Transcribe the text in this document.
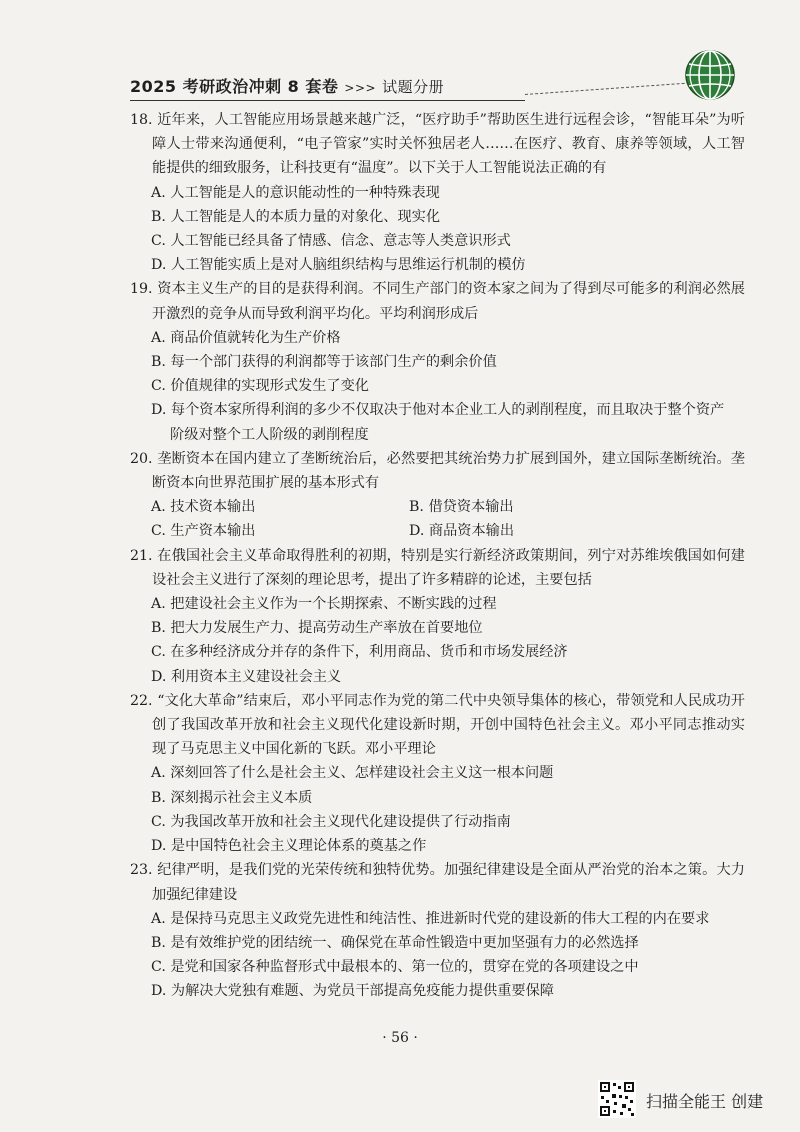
2025 考研政治冲刺 8 套卷 >>> 试题分册

18. 近年来，人工智能应用场景越来越广泛，“医疗助手”帮助医生进行远程会诊，“智能耳朵”为听障人士带来沟通便利，“电子管家”实时关怀独居老人……在医疗、教育、康养等领域，人工智能提供的细致服务，让科技更有“温度”。以下关于人工智能说法正确的有

A. 人工智能是人的意识能动性的一种特殊表现

B. 人工智能是人的本质力量的对象化、现实化

C. 人工智能已经具备了情感、信念、意志等人类意识形式

D. 人工智能实质上是对人脑组织结构与思维运行机制的模仿

19. 资本主义生产的目的是获得利润。不同生产部门的资本家之间为了得到尽可能多的利润必然展开激烈的竞争从而导致利润平均化。平均利润形成后

A. 商品价值就转化为生产价格

B. 每一个部门获得的利润都等于该部门生产的剩余价值

C. 价值规律的实现形式发生了变化

D. 每个资本家所得利润的多少不仅取决于他对本企业工人的剥削程度，而且取决于整个资产

阶级对整个工人阶级的剥削程度

20. 垄断资本在国内建立了垄断统治后，必然要把其统治势力扩展到国外，建立国际垄断统治。垄断资本向世界范围扩展的基本形式有

A. 技术资本输出	B. 借贷资本输出

C. 生产资本输出	D. 商品资本输出

21. 在俄国社会主义革命取得胜利的初期，特别是实行新经济政策期间，列宁对苏维埃俄国如何建设社会主义进行了深刻的理论思考，提出了许多精辟的论述，主要包括

A. 把建设社会主义作为一个长期探索、不断实践的过程

B. 把大力发展生产力、提高劳动生产率放在首要地位

C. 在多种经济成分并存的条件下，利用商品、货币和市场发展经济

D. 利用资本主义建设社会主义

22. “文化大革命”结束后，邓小平同志作为党的第二代中央领导集体的核心，带领党和人民成功开创了我国改革开放和社会主义现代化建设新时期，开创中国特色社会主义。邓小平同志推动实现了马克思主义中国化新的飞跃。邓小平理论

A. 深刻回答了什么是社会主义、怎样建设社会主义这一根本问题

B. 深刻揭示社会主义本质

C. 为我国改革开放和社会主义现代化建设提供了行动指南

D. 是中国特色社会主义理论体系的奠基之作

23. 纪律严明，是我们党的光荣传统和独特优势。加强纪律建设是全面从严治党的治本之策。大力加强纪律建设

A. 是保持马克思主义政党先进性和纯洁性、推进新时代党的建设新的伟大工程的内在要求

B. 是有效维护党的团结统一、确保党在革命性锻造中更加坚强有力的必然选择

C. 是党和国家各种监督形式中最根本的、第一位的，贯穿在党的各项建设之中

D. 为解决大党独有难题、为党员干部提高免疫能力提供重要保障

· 56 ·
扫描全能王 创建
